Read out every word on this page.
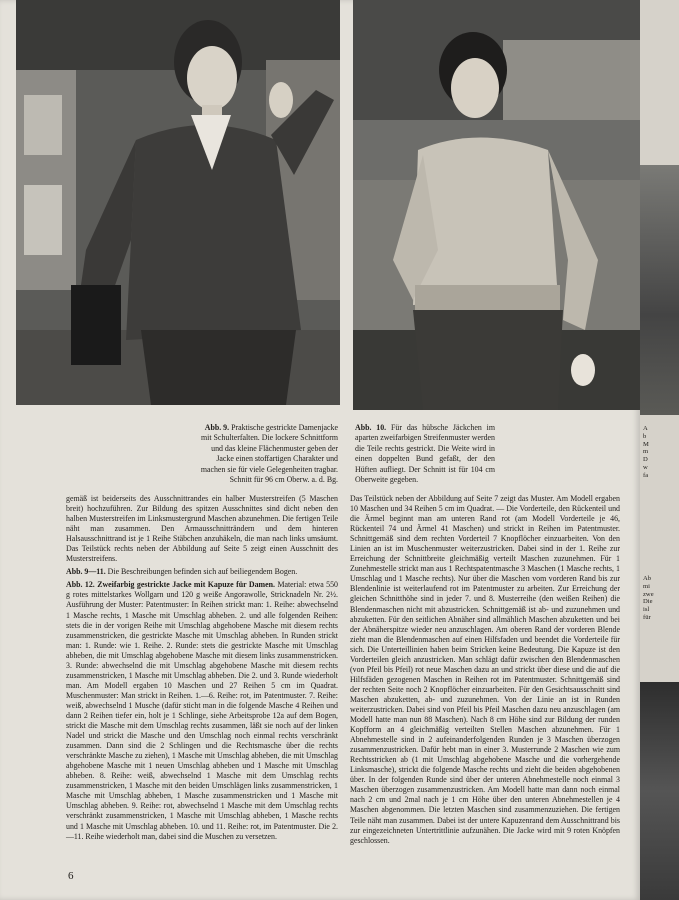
Abb. 9. Praktische gestrickte Damenjacke mit Schulterfalten. Die lockere Schnittform und das kleine Flächenmuster geben der Jacke einen stoffartigen Charakter und machen sie für viele Gelegenheiten tragbar. Schnitt für 96 cm Oberw. a. d. Bg.

Abb. 10. Für das hübsche Jäckchen im aparten zweifarbigen Streifenmuster werden die Teile rechts gestrickt. Die Weite wird in einen doppelten Bund gefaßt, der den Hüften aufliegt. Der Schnitt ist für 104 cm Oberweite gegeben.

gemäß ist beiderseits des Ausschnittrandes ein halber Musterstreifen (5 Maschen breit) hochzuführen. Zur Bildung des spitzen Ausschnittes sind dicht neben den halben Musterstreifen im Linksmustergrund Maschen abzunehmen. Die fertigen Teile näht man zusammen. Den Armausschnitträndern und dem hinteren Halsausschnittrand ist je 1 Reihe Stäbchen anzuhäkeln, die man nach links umsäumt. Das Teilstück rechts neben der Abbildung auf Seite 5 zeigt einen Ausschnitt des Musterstreifens.

Abb. 9—11. Die Beschreibungen befinden sich auf beiliegendem Bogen.

Abb. 12. Zweifarbig gestrickte Jacke mit Kapuze für Damen. Material: etwa 550 g rotes mittelstarkes Wollgarn und 120 g weiße Angorawolle, Stricknadeln Nr. 2½. Ausführung der Muster: Patentmuster: In Reihen strickt man: 1. Reihe: abwechselnd 1 Masche rechts, 1 Masche mit Umschlag abheben. 2. und alle folgenden Reihen: stets die in der vorigen Reihe mit Umschlag abgehobene Masche mit diesem rechts zusammenstricken, die gestrickte Masche mit Umschlag abheben. In Runden strickt man: 1. Runde: wie 1. Reihe. 2. Runde: stets die gestrickte Masche mit Umschlag abheben, die mit Umschlag abgehobene Masche mit diesem links zusammenstricken. 3. Runde: abwechselnd die mit Umschlag abgehobene Masche mit diesem rechts zusammenstricken, 1 Masche mit Umschlag abheben. Die 2. und 3. Runde wiederholt man. Am Modell ergaben 10 Maschen und 27 Reihen 5 cm im Quadrat. Muschenmuster: Man strickt in Reihen. 1.—6. Reihe: rot, im Patentmuster. 7. Reihe: weiß, abwechselnd 1 Musche (dafür sticht man in die folgende Masche 4 Reihen und dann 2 Reihen tiefer ein, holt je 1 Schlinge, siehe Arbeitsprobe 12a auf dem Bogen, strickt die Masche mit dem Umschlag rechts zusammen, läßt sie noch auf der linken Nadel und strickt die Masche und den Umschlag noch einmal rechts verschränkt zusammen. Dann sind die 2 Schlingen und die Rechtsmasche über die rechts verschränkte Masche zu ziehen), 1 Masche mit Umschlag abheben, die mit Umschlag abgehobene Masche mit 1 neuen Umschlag abheben und 1 Masche mit Umschlag abheben. 8. Reihe: weiß, abwechselnd 1 Masche mit dem Umschlag rechts zusammenstricken, 1 Masche mit den beiden Umschlägen links zusammenstricken, 1 Masche mit Umschlag abheben, 1 Masche zusammenstricken und 1 Masche mit Umschlag abheben. 9. Reihe: rot, abwechselnd 1 Masche mit dem Umschlag rechts verschränkt zusammenstricken, 1 Masche mit Umschlag abheben, 1 Masche rechts und 1 Masche mit Umschlag abheben. 10. und 11. Reihe: rot, im Patentmuster. Die 2.—11. Reihe wiederholt man, dabei sind die Muschen zu versetzen.

Das Teilstück neben der Abbildung auf Seite 7 zeigt das Muster. Am Modell ergaben 10 Maschen und 34 Reihen 5 cm im Quadrat. — Die Vorderteile, den Rückenteil und die Ärmel beginnt man am unteren Rand rot (am Modell Vorderteile je 46, Rückenteil 74 und Ärmel 41 Maschen) und strickt in Reihen im Patentmuster. Schnittgemäß sind dem rechten Vorderteil 7 Knopflöcher einzuarbeiten. Von den Linien an ist im Muschenmuster weiterzustricken. Dabei sind in der 1. Reihe zur Erreichung der Schnittbreite gleichmäßig verteilt Maschen zuzunehmen. Für 1 Zunehmestelle strickt man aus 1 Rechtspatentmasche 3 Maschen (1 Masche rechts, 1 Umschlag und 1 Masche rechts). Nur über die Maschen vom vorderen Rand bis zur Blendenlinie ist weiterlaufend rot im Patentmuster zu arbeiten. Zur Erreichung der gleichen Schnitthöhe sind in jeder 7. und 8. Musterreihe (den weißen Reihen) die Blendenmaschen nicht mit abzustricken. Schnittgemäß ist ab- und zuzunehmen und abzuketten. Für den seitlichen Abnäher sind allmählich Maschen abzuketten und bei der Abnäherspitze wieder neu anzuschlagen. Am oberen Rand der vorderen Blende zieht man die Blendenmaschen auf einen Hilfsfaden und beendet die Vorderteile für sich. Die Unterteillinien haben beim Stricken keine Bedeutung. Die Kapuze ist den Vorderteilen gleich anzustricken. Man schlägt dafür zwischen den Blendenmaschen (von Pfeil bis Pfeil) rot neue Maschen dazu an und strickt über diese und die auf die Hilfsfäden gezogenen Maschen in Reihen rot im Patentmuster. Schnittgemäß sind der rechten Seite noch 2 Knopflöcher einzuarbeiten. Für den Gesichtsausschnitt sind Maschen abzuketten, ab- und zuzunehmen. Von der Linie an ist in Runden weiterzustricken. Dabei sind von Pfeil bis Pfeil Maschen dazu neu anzuschlagen (am Modell hatte man nun 88 Maschen). Nach 8 cm Höhe sind zur Bildung der runden Kopfform an 4 gleichmäßig verteilten Stellen Maschen abzunehmen. Für 1 Abnehmestelle sind in 2 aufeinanderfolgenden Runden je 3 Maschen überzogen zusammenzustricken. Dafür hebt man in einer 3. Musterrunde 2 Maschen wie zum Rechtsstricken ab (1 mit Umschlag abgehobene Masche und die vorhergehende Linksmasche), strickt die folgende Masche rechts und zieht die beiden abgehobenen über. In der folgenden Runde sind über der unteren Abnehmestelle noch einmal 3 Maschen überzogen zusammenzustricken. Am Modell hatte man dann noch einmal nach 2 cm und 2mal nach je 1 cm Höhe über den unteren Abnehmestellen je 4 Maschen abgenommen. Die letzten Maschen sind zusammenzuziehen. Die fertigen Teile näht man zusammen. Dabei ist der untere Kapuzenrand dem Ausschnittrand bis zur eingezeichneten Untertrittlinie aufzunähen. Die Jacke wird mit 9 roten Knöpfen geschlossen.

6

A
b
M
m
D
w
fa

Ab
mi
zwe
Die
isl
für
